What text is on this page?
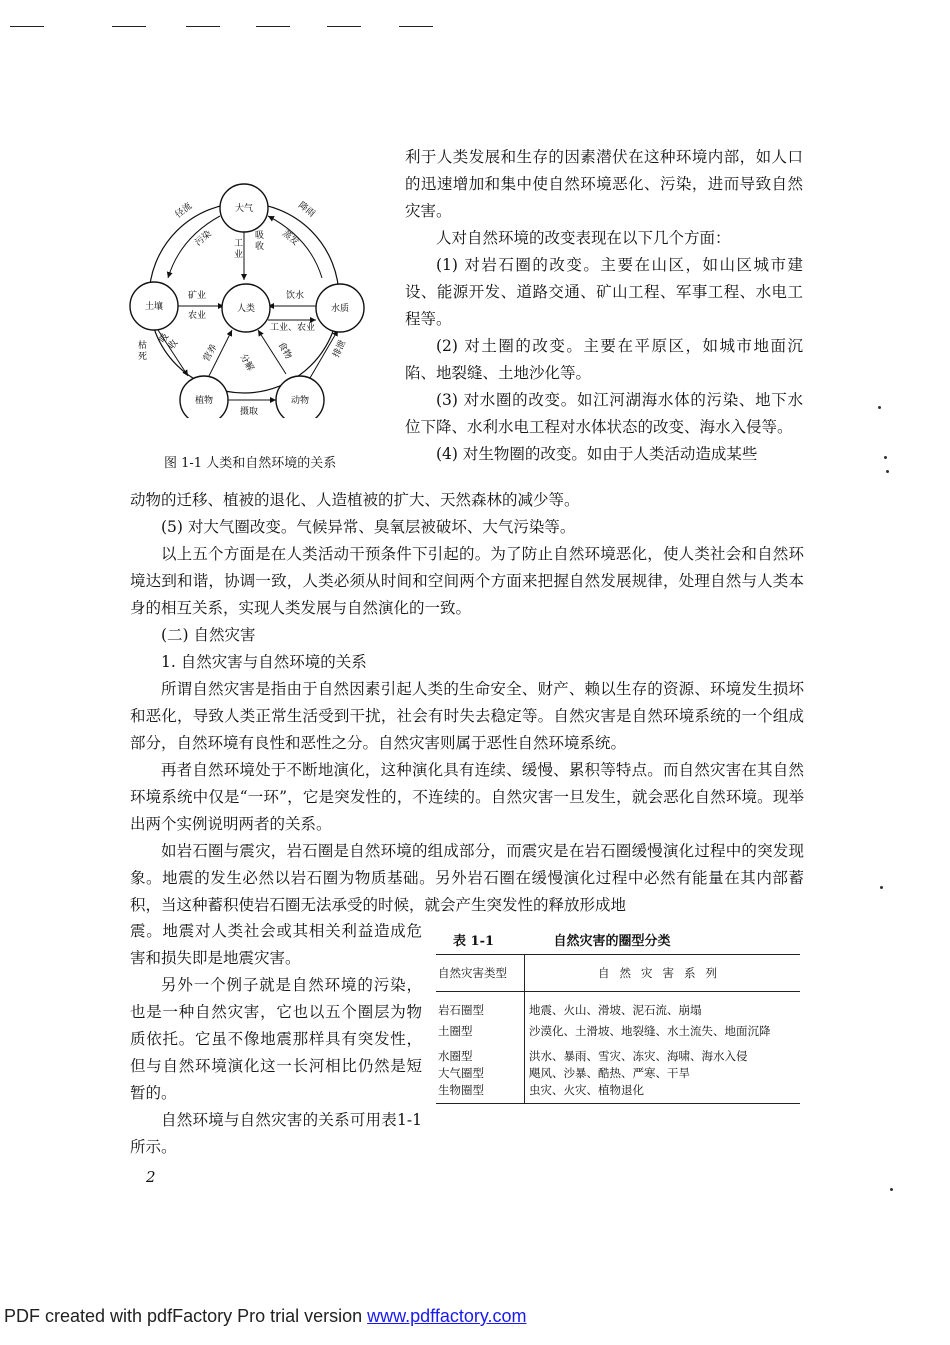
大气
土壤	人类	水质
植物	动物
径流
污染
降雨
蒸发
工业
吸收
矿业
农业
饮水
工业、农业
枯死
吸收 营养 分解
食物	排泄
摄取
图 1-1 人类和自然环境的关系

利于人类发展和生存的因素潜伏在这种环境内部，如人口的迅速增加和集中使自然环境恶化、污染，进而导致自然灾害。

人对自然环境的改变表现在以下几个方面：

(1) 对岩石圈的改变。主要在山区，如山区城市建设、能源开发、道路交通、矿山工程、军事工程、水电工程等。

(2) 对土圈的改变。主要在平原区，如城市地面沉陷、地裂缝、土地沙化等。

(3) 对水圈的改变。如江河湖海水体的污染、地下水位下降、水利水电工程对水体状态的改变、海水入侵等。

(4) 对生物圈的改变。如由于人类活动造成某些

动物的迁移、植被的退化、人造植被的扩大、天然森林的减少等。

(5) 对大气圈改变。气候异常、臭氧层被破坏、大气污染等。

以上五个方面是在人类活动干预条件下引起的。为了防止自然环境恶化，使人类社会和自然环境达到和谐，协调一致，人类必须从时间和空间两个方面来把握自然发展规律，处理自然与人类本身的相互关系，实现人类发展与自然演化的一致。

(二) 自然灾害

1. 自然灾害与自然环境的关系

所谓自然灾害是指由于自然因素引起人类的生命安全、财产、赖以生存的资源、环境发生损坏和恶化，导致人类正常生活受到干扰，社会有时失去稳定等。自然灾害是自然环境系统的一个组成部分，自然环境有良性和恶性之分。自然灾害则属于恶性自然环境系统。

再者自然环境处于不断地演化，这种演化具有连续、缓慢、累积等特点。而自然灾害在其自然环境系统中仅是“一环”，它是突发性的，不连续的。自然灾害一旦发生，就会恶化自然环境。现举出两个实例说明两者的关系。

如岩石圈与震灾，岩石圈是自然环境的组成部分，而震灾是在岩石圈缓慢演化过程中的突发现象。地震的发生必然以岩石圈为物质基础。另外岩石圈在缓慢演化过程中必然有能量在其内部蓄积，当这种蓄积使岩石圈无法承受的时候，就会产生突发性的释放形成地

震。地震对人类社会或其相关利益造成危害和损失即是地震灾害。

另外一个例子就是自然环境的污染，也是一种自然灾害，它也以五个圈层为物质依托。它虽不像地震那样具有突发性，但与自然环境演化这一长河相比仍然是短暂的。

自然环境与自然灾害的关系可用表1-1 所示。

表 1-1	自然灾害的圈型分类
自然灾害类型	自然灾害系列
岩石圈型	地震、火山、滑坡、泥石流、崩塌
土圈型	沙漠化、土滑坡、地裂缝、水土流失、地面沉降
水圈型	洪水、暴雨、雪灾、冻灾、海啸、海水入侵
大气圈型	飓风、沙暴、酷热、严寒、干旱
生物圈型	虫灾、火灾、植物退化
2
PDF created with pdfFactory Pro trial version www.pdffactory.com
